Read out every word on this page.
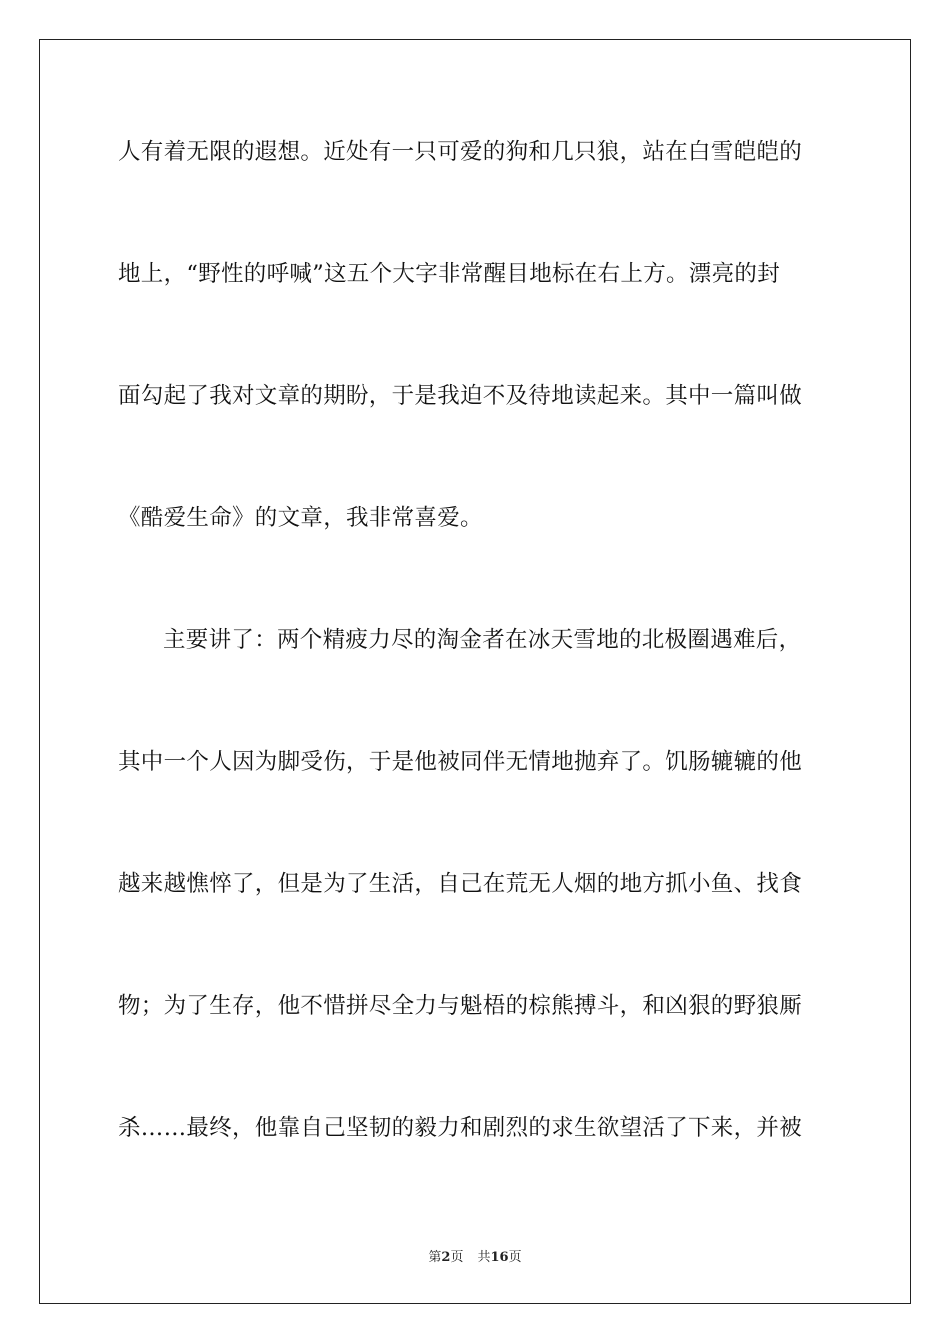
人有着无限的遐想。近处有一只可爱的狗和几只狼，站在白雪皑皑的
地上，“野性的呼喊”这五个大字非常醒目地标在右上方。漂亮的封
面勾起了我对文章的期盼，于是我迫不及待地读起来。其中一篇叫做
《酷爱生命》的文章，我非常喜爱。
主要讲了：两个精疲力尽的淘金者在冰天雪地的北极圈遇难后，
其中一个人因为脚受伤，于是他被同伴无情地抛弃了。饥肠辘辘的他
越来越憔悴了，但是为了生活，自己在荒无人烟的地方抓小鱼、找食
物；为了生存，他不惜拼尽全力与魁梧的棕熊搏斗，和凶狠的野狼厮
杀……最终，他靠自己坚韧的毅力和剧烈的求生欲望活了下来，并被
第2页 共16页
